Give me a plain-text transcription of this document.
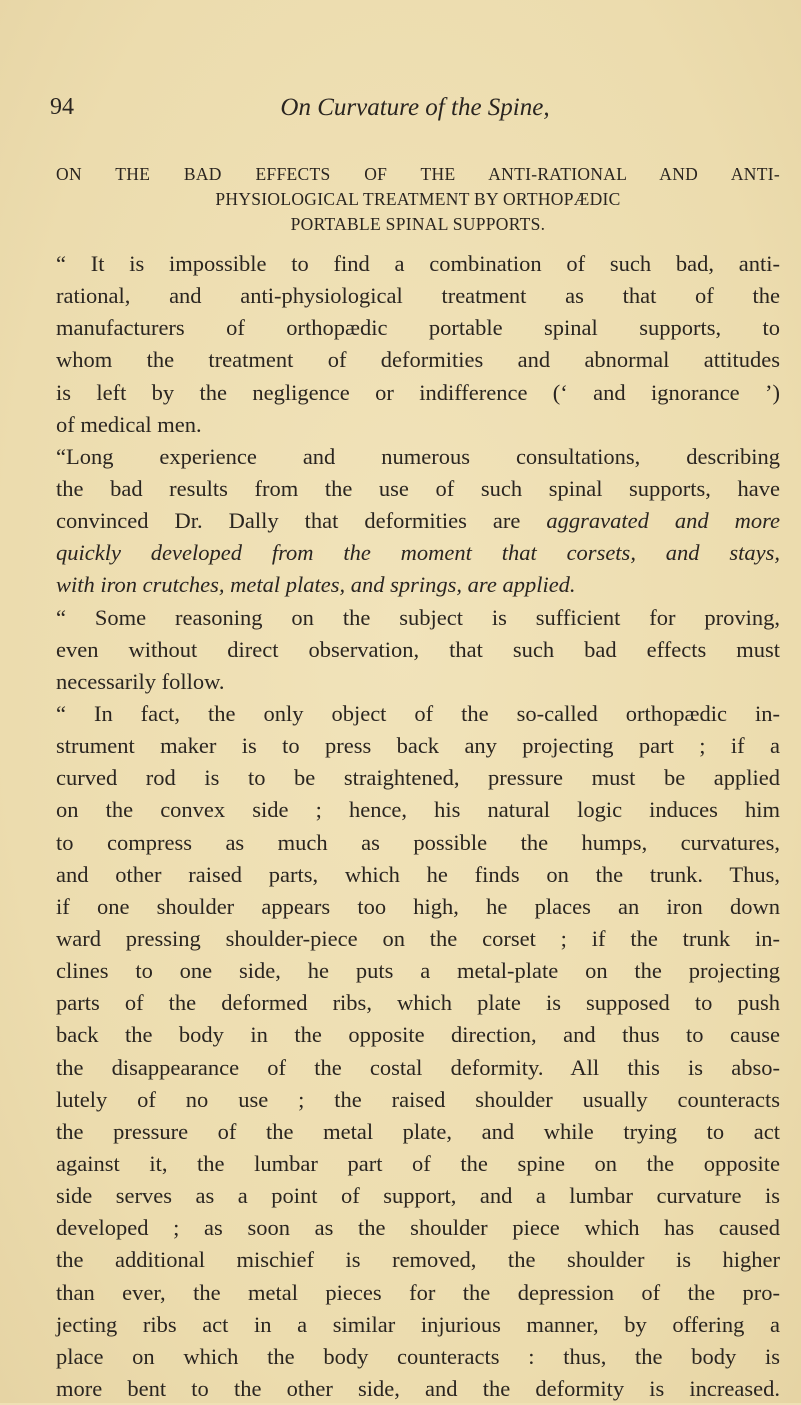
94	On Curvature of the Spine,
ON THE BAD EFFECTS OF THE ANTI-RATIONAL AND ANTI-
PHYSIOLOGICAL TREATMENT BY ORTHOPÆDIC
PORTABLE SPINAL SUPPORTS.
“ It is impossible to find a combination of such bad, anti-
rational, and anti-physiological treatment as that of the
manufacturers of orthopædic portable spinal supports, to
whom the treatment of deformities and abnormal attitudes
is left by the negligence or indifference (‘ and ignorance ’)
of medical men.
“Long experience and numerous consultations, describing
the bad results from the use of such spinal supports, have
convinced Dr. Dally that deformities are aggravated and more
quickly developed from the moment that corsets, and stays,
with iron crutches, metal plates, and springs, are applied.
“ Some reasoning on the subject is sufficient for proving,
even without direct observation, that such bad effects must
necessarily follow.
“ In fact, the only object of the so-called orthopædic in-
strument maker is to press back any projecting part ; if a
curved rod is to be straightened, pressure must be applied
on the convex side ; hence, his natural logic induces him
to compress as much as possible the humps, curvatures,
and other raised parts, which he finds on the trunk. Thus,
if one shoulder appears too high, he places an iron down
ward pressing shoulder-piece on the corset ; if the trunk in-
clines to one side, he puts a metal-plate on the projecting
parts of the deformed ribs, which plate is supposed to push
back the body in the opposite direction, and thus to cause
the disappearance of the costal deformity. All this is abso-
lutely of no use ; the raised shoulder usually counteracts
the pressure of the metal plate, and while trying to act
against it, the lumbar part of the spine on the opposite
side serves as a point of support, and a lumbar curvature is
developed ; as soon as the shoulder piece which has caused
the additional mischief is removed, the shoulder is higher
than ever, the metal pieces for the depression of the pro-
jecting ribs act in a similar injurious manner, by offering a
place on which the body counteracts : thus, the body is
more bent to the other side, and the deformity is increased.
